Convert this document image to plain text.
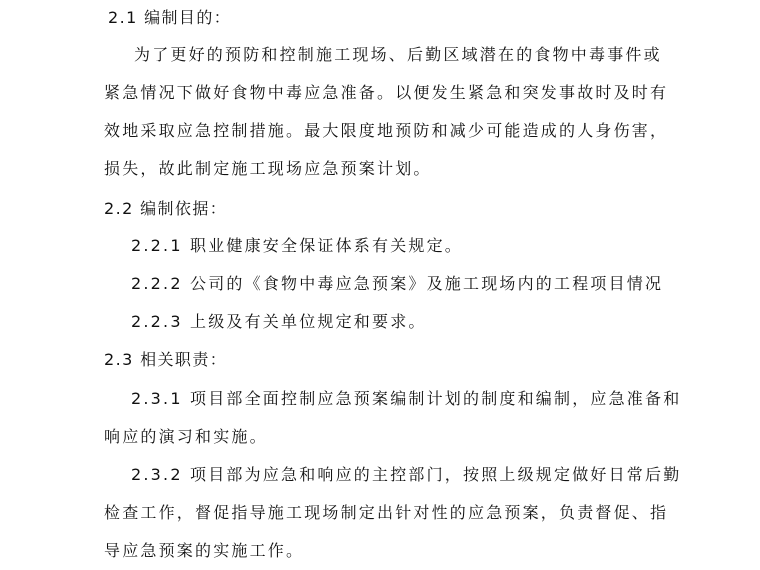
2.1 编制目的：
为了更好的预防和控制施工现场、后勤区域潜在的食物中毒事件或
紧急情况下做好食物中毒应急准备。以便发生紧急和突发事故时及时有
效地采取应急控制措施。最大限度地预防和减少可能造成的人身伤害，
损失，故此制定施工现场应急预案计划。
2.2 编制依据：
2.2.1 职业健康安全保证体系有关规定。
2.2.2 公司的《食物中毒应急预案》及施工现场内的工程项目情况
2.2.3 上级及有关单位规定和要求。
2.3 相关职责：
2.3.1 项目部全面控制应急预案编制计划的制度和编制，应急准备和
响应的演习和实施。
2.3.2 项目部为应急和响应的主控部门，按照上级规定做好日常后勤
检查工作，督促指导施工现场制定出针对性的应急预案，负责督促、指
导应急预案的实施工作。
